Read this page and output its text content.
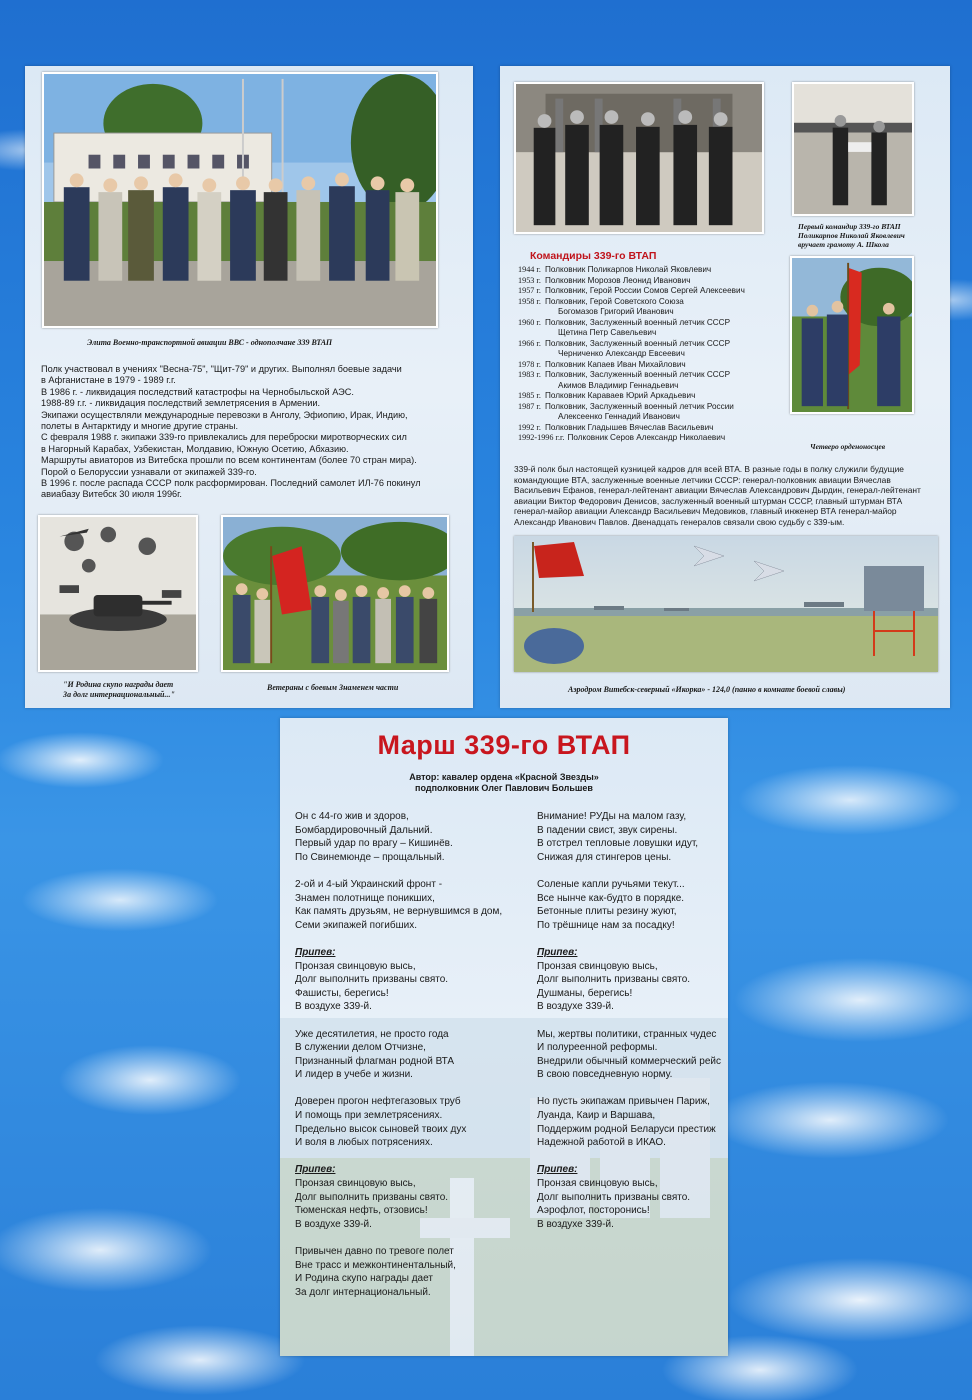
Элита Военно-транспортной авиации ВВС - однополчане 339 ВТАП

Полк участвовал в учениях "Весна-75", "Щит-79" и других. Выполнял боевые задачи

в Афганистане в 1979 - 1989 г.г.

В 1986 г. - ликвидация последствий катастрофы на Чернобыльской АЭС.

1988-89 г.г. - ликвидация последствий землетрясения в Армении.

Экипажи осуществляли международные перевозки в Анголу, Эфиопию, Ирак, Индию,

полеты в Антарктиду и многие другие страны.

С февраля 1988 г. экипажи 339-го привлекались для переброски миротворческих сил

в Нагорный Карабах, Узбекистан, Молдавию, Южную Осетию, Абхазию.

Маршруты авиаторов из Витебска прошли по всем континентам (более 70 стран мира).

Порой о Белоруссии узнавали от экипажей 339-го.

В 1996 г. после распада СССР полк расформирован. Последний самолет ИЛ-76 покинул

авиабазу Витебск 30 июля 1996г.

"И Родина скупо награды дает
За долг интернациональный..."
Ветераны с боевым Знаменем части
Первый командир 339-го ВТАП
Поликарпов Николай Яковлевич
вручает грамоту А. Школа
Командиры 339-го ВТАП
1944 г. Полковник Поликарпов Николай Яковлевич
1953 г. Полковник Морозов Леонид Иванович
1957 г. Полковник, Герой России Сомов Сергей Алексеевич
1958 г. Полковник, Герой Советского Союза
Богомазов Григорий Иванович
1960 г. Полковник, Заслуженный военный летчик СССР
Щетина Петр Савельевич
1966 г. Полковник, Заслуженный военный летчик СССР
Черниченко Александр Евсеевич
1978 г. Полковник Капаев Иван Михайлович
1983 г. Полковник, Заслуженный военный летчик СССР
Акимов Владимир Геннадьевич
1985 г. Полковник Караваев Юрий Аркадьевич
1987 г. Полковник, Заслуженный военный летчик России
Алексеенко Геннадий Иванович
1992 г. Полковник Гладышев Вячеслав Васильевич
1992-1996 г.г. Полковник Серов Александр Николаевич
Четверо орденоносцев

339-й полк был настоящей кузницей кадров для всей ВТА. В разные годы в полку служили будущие

командующие ВТА, заслуженные военные летчики СССР: генерал-полковник авиации Вячеслав

Васильевич Ефанов, генерал-лейтенант авиации Вячеслав Александрович Дырдин, генерал-лейтенант

авиации Виктор Федорович Денисов, заслуженный военный штурман СССР, главный штурман ВТА

генерал-майор авиации Александр Васильевич Медовиков, главный инженер ВТА генерал-майор

Александр Иванович Павлов. Двенадцать генералов связали свою судьбу с 339-ым.

Аэродром Витебск-северный «Икорка» - 124,0 (панно в комнате боевой славы)
Марш 339-го ВТАП
Автор: кавалер ордена «Красной Звезды»
подполковник Олег Павлович Большев
Он с 44-го жив и здоров,
Бомбардировочный Дальний.
Первый удар по врагу – Кишинёв.
По Свинемюнде – прощальный.
2-ой и 4-ый Украинский фронт -
Знамен полотнище поникших,
Как память друзьям, не вернувшимся в дом,
Семи экипажей погибших.
Припев:
Пронзая свинцовую высь,
Долг выполнить призваны свято.
Фашисты, берегись!
В воздухе 339-й.
Уже десятилетия, не просто года
В служении делом Отчизне,
Признанный флагман родной ВТА
И лидер в учебе и жизни.
Доверен прогон нефтегазовых труб
И помощь при землетрясениях.
Предельно высок сыновей твоих дух
И воля в любых потрясениях.
Припев:
Пронзая свинцовую высь,
Долг выполнить призваны свято.
Тюменская нефть, отзовись!
В воздухе 339-й.
Привычен давно по тревоге полет
Вне трасс и межконтинентальный,
И Родина скупо награды дает
За долг интернациональный.
Внимание! РУДы на малом газу,
В падении свист, звук сирены.
В отстрел тепловые ловушки идут,
Снижая для стингеров цены.
Соленые капли ручьями текут...
Все нынче как-будто в порядке.
Бетонные плиты резину жуют,
По трёшнице нам за посадку!
Припев:
Пронзая свинцовую высь,
Долг выполнить призваны свято.
Душманы, берегись!
В воздухе 339-й.
Мы, жертвы политики, странных чудес
И полуреенной реформы.
Внедрили обычный коммерческий рейс
В свою повседневную норму.
Но пусть экипажам привычен Париж,
Луанда, Каир и Варшава,
Поддержим родной Беларуси престиж
Надежной работой в ИКАО.
Припев:
Пронзая свинцовую высь,
Долг выполнить призваны свято.
Аэрофлот, посторонись!
В воздухе 339-й.
